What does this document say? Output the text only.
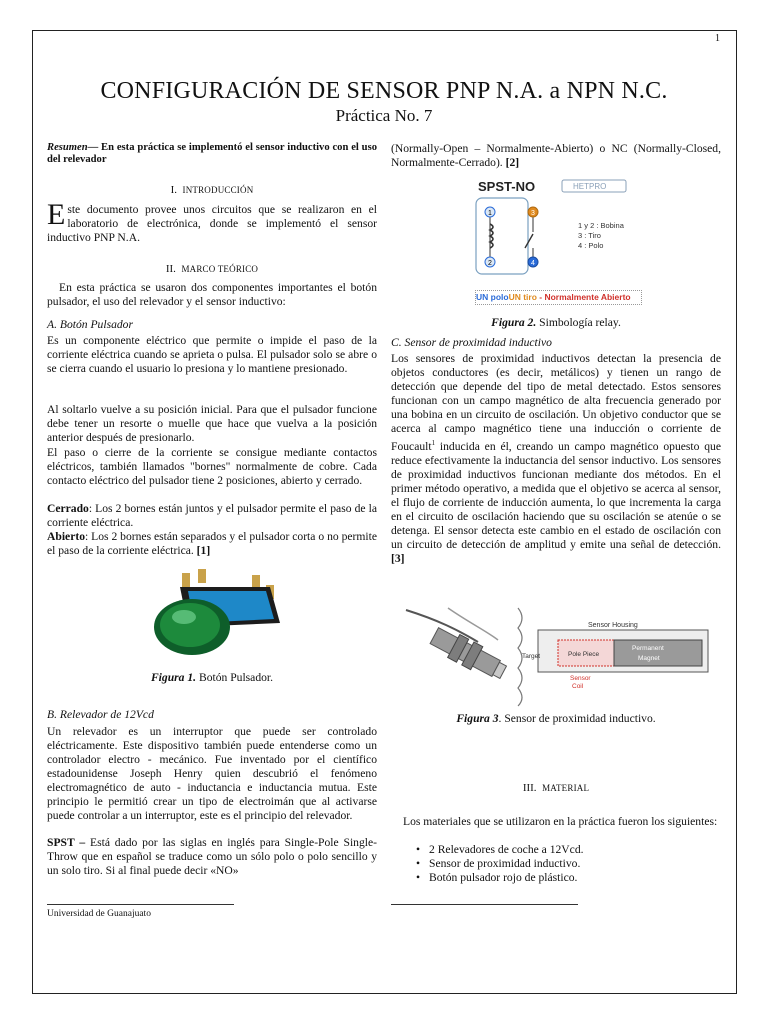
1
CONFIGURACIÓN DE SENSOR PNP N.A. a NPN N.C.
Práctica No. 7
Resumen— En esta práctica se implementó el sensor inductivo con el uso del relevador
I. INTRODUCCIÓN
Este documento provee unos circuitos que se realizaron en el laboratorio de electrónica, donde se implementó el sensor inductivo PNP N.A.
II. MARCO TEÓRICO
En esta práctica se usaron dos componentes importantes el botón pulsador, el uso del relevador y el sensor inductivo:
A. Botón Pulsador
Es un componente eléctrico que permite o impide el paso de la corriente eléctrica cuando se aprieta o pulsa. El pulsador solo se abre o se cierra cuando el usuario lo presiona y lo mantiene presionado.
Al soltarlo vuelve a su posición inicial. Para que el pulsador funcione debe tener un resorte o muelle que hace que vuelva a la posición anterior después de presionarlo.
El paso o cierre de la corriente se consigue mediante contactos eléctricos, también llamados "bornes" normalmente de cobre. Cada contacto eléctrico del pulsador tiene 2 posiciones, abierto y cerrado.
Cerrado: Los 2 bornes están juntos y el pulsador permite el paso de la corriente eléctrica.
Abierto: Los 2 bornes están separados y el pulsador corta o no permite el paso de la corriente eléctrica. [1]
Figura 1. Botón Pulsador.
B. Relevador de 12Vcd
Un relevador es un interruptor que puede ser controlado eléctricamente. Este dispositivo también puede entenderse como un controlador electro - mecánico. Fue inventado por el científico estadounidense Joseph Henry quien descubrió el fenómeno electromagnético de auto - inductancia e inductancia mutua. Este principio le permitió crear un tipo de electroimán que al activarse puede controlar a un interruptor, este es el principio del relevador.
SPST – Está dado por las siglas en inglés para Single-Pole Single-Throw que en español se traduce como un sólo polo o polo sencillo y un solo tiro. Si al final puede decir «NO»
Universidad de Guanajuato
(Normally-Open – Normalmente-Abierto) o NC (Normally-Closed, Normalmente-Cerrado). [2]
SPST-NO	HETPRO
1
2
3
4
1 y 2 : Bobina
3 : Tiro
4 : Polo
UN poloUN tiro - Normalmente Abierto
Figura 2. Simbología relay.
C. Sensor de proximidad inductivo
Los sensores de proximidad inductivos detectan la presencia de objetos conductores (es decir, metálicos) y tienen un rango de detección que depende del tipo de metal detectado. Estos sensores funcionan con un campo magnético de alta frecuencia generado por una bobina en un circuito de oscilación. Un objetivo conductor que se acerca al campo magnético tiene una inducción o corriente de Foucault$^1$ inducida en él, creando un campo magnético opuesto que reduce efectivamente la inductancia del sensor inductivo. Los sensores de proximidad inductivos funcionan mediante dos métodos. En el primer método operativo, a medida que el objetivo se acerca al sensor, el flujo de corriente de inducción aumenta, lo que incrementa la carga en el circuito de oscilación haciendo que su oscilación se atenúe o se detenga. El sensor detecta este cambio en el estado de oscilación con un circuito de detección de amplitud y emite una señal de detección.[3]
Sensor Housing
Pole Piece
Permanent
Magnet
Target
Sensor
Coil
Figura 3. Sensor de proximidad inductivo.
III. MATERIAL
Los materiales que se utilizaron en la práctica fueron los siguientes:
• 2 Relevadores de coche a 12Vcd.
• Sensor de proximidad inductivo.
• Botón pulsador rojo de plástico.
